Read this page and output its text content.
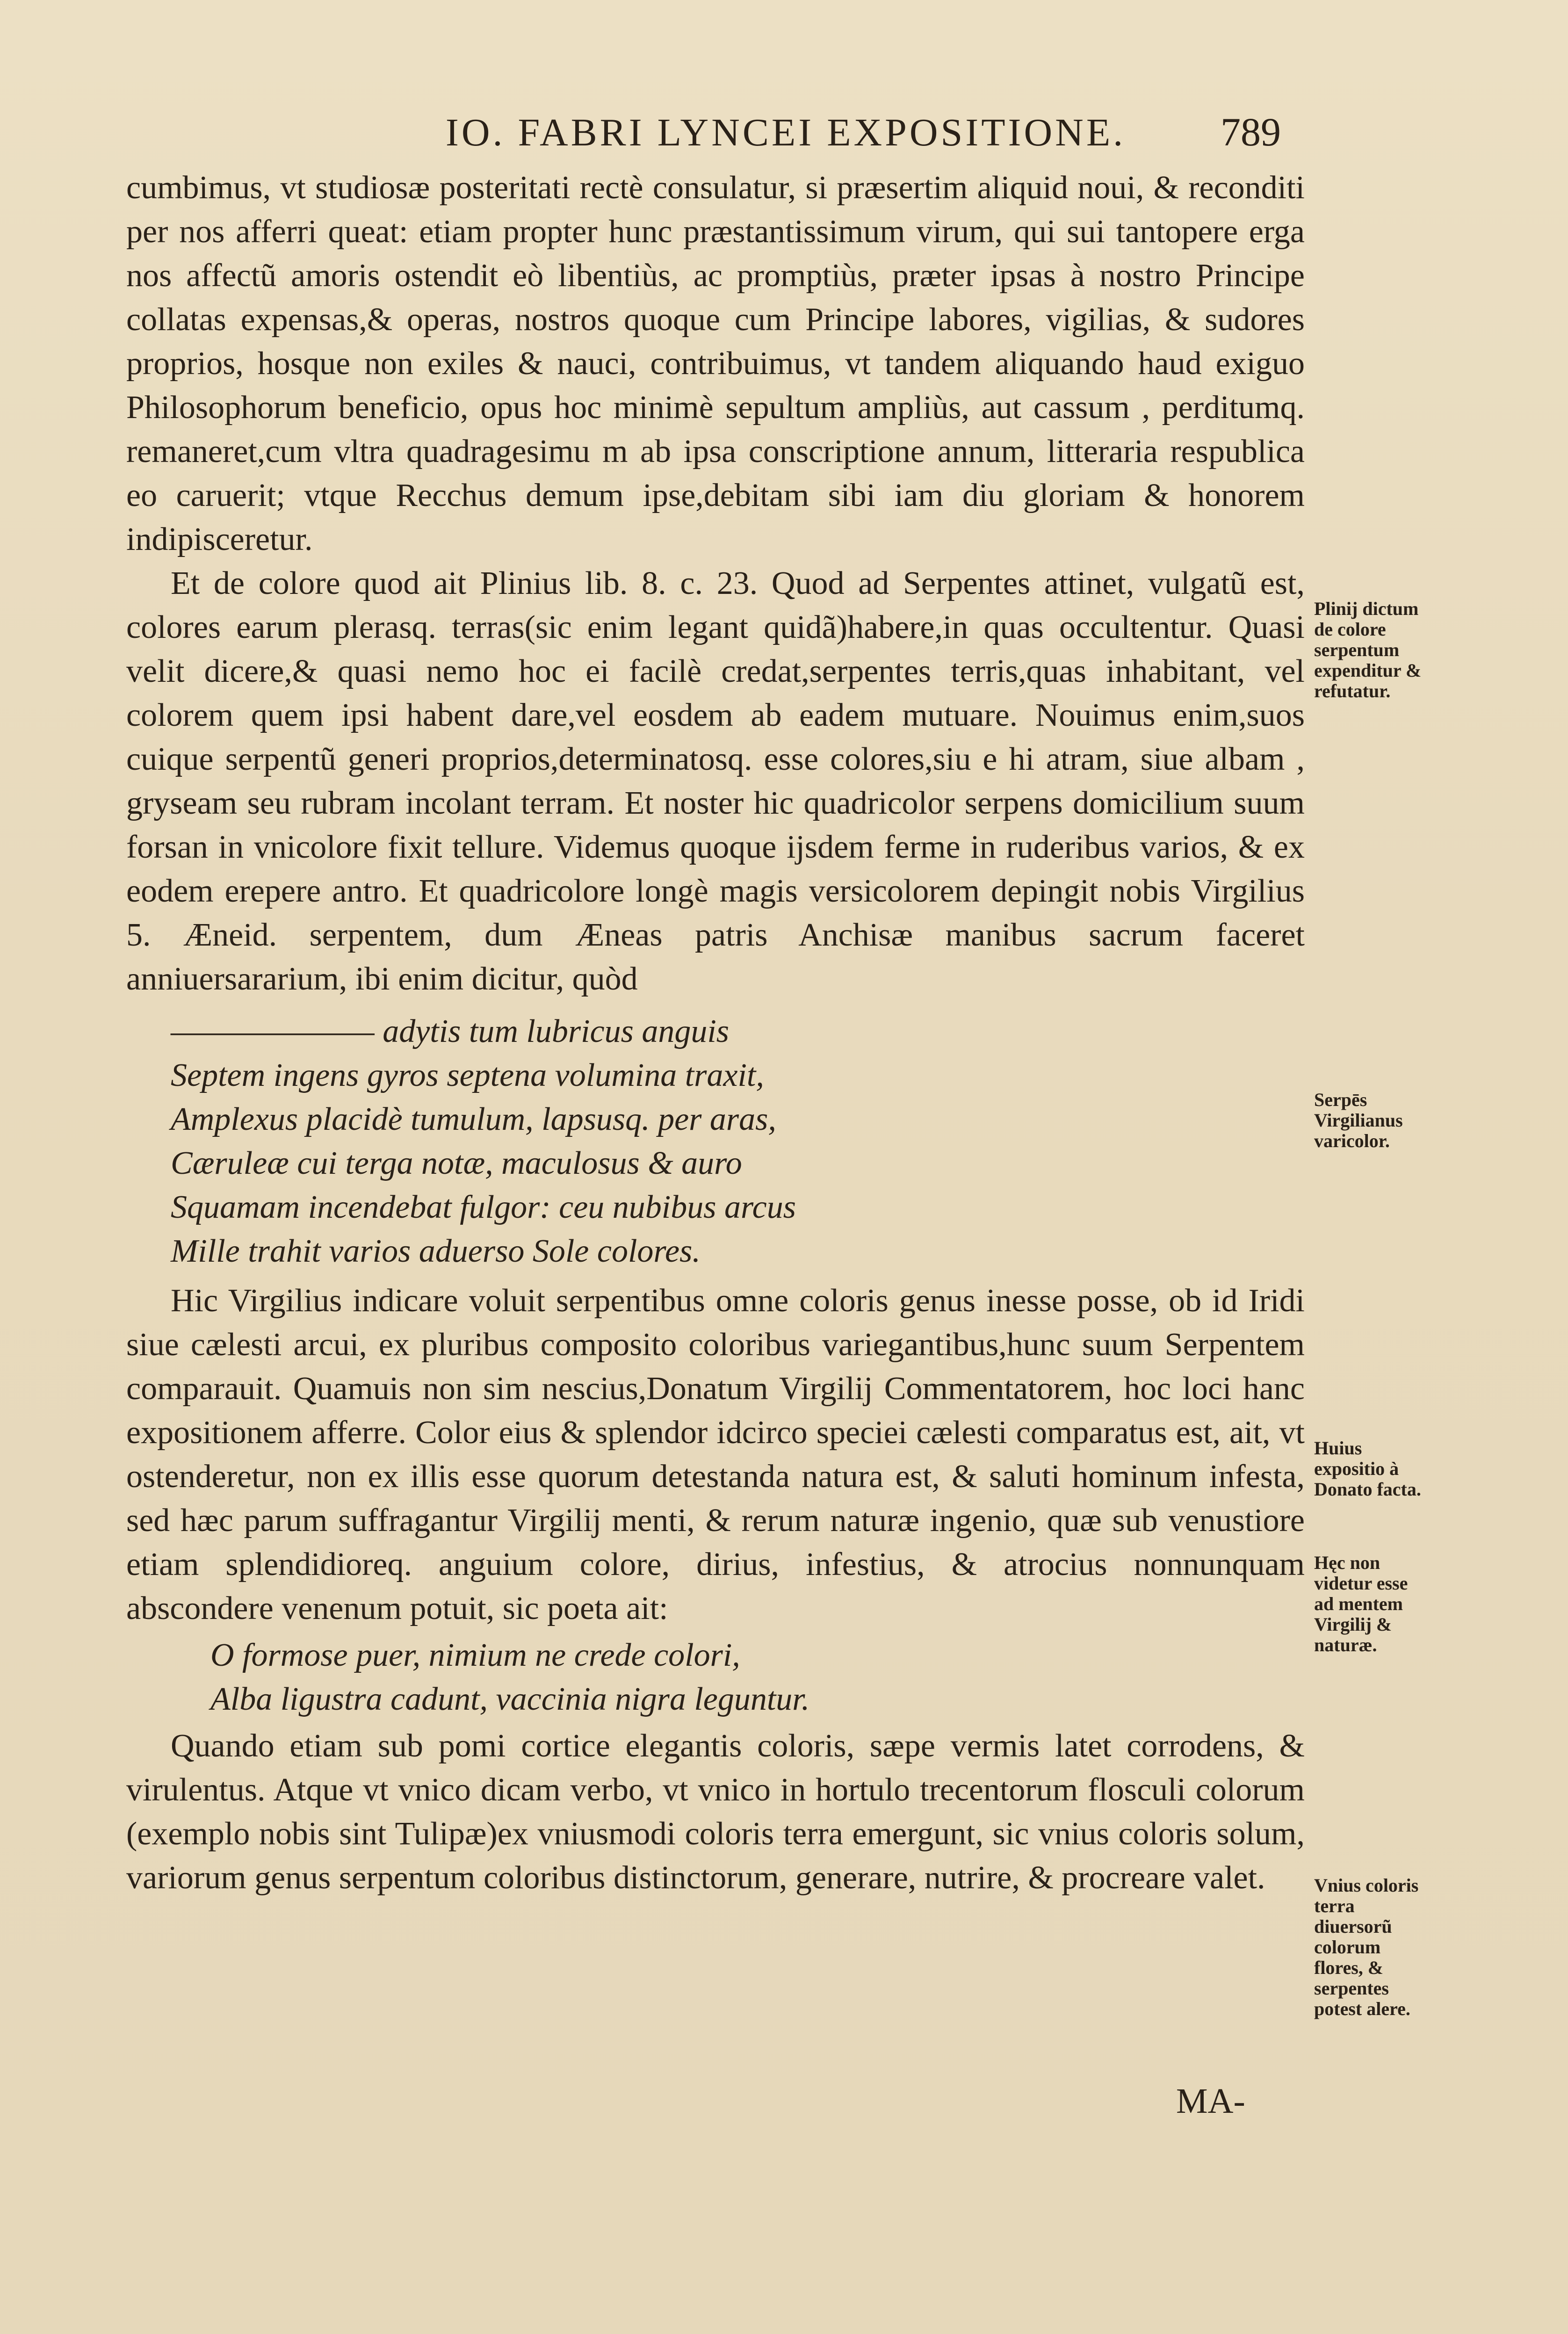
IO. FABRI LYNCEI EXPOSITIONE.	789

cumbimus, vt studiosæ posteritati rectè consulatur, si præsertim aliquid noui, & reconditi per nos afferri queat: etiam propter hunc præstantissimum virum, qui sui tantopere erga nos affectũ amoris ostendit eò libentiùs, ac promptiùs, præter ipsas à nostro Principe collatas expensas,& operas, nostros quoque cum Principe labores, vigilias, & sudores proprios, hosque non exiles & nauci, contribuimus, vt tandem aliquando haud exiguo Philosophorum beneficio, opus hoc minimè sepultum ampliùs, aut cassum , perditumq. remaneret,cum vltra quadragesimu m ab ipsa conscriptione annum, litteraria respublica eo caruerit; vtque Recchus demum ipse,debitam sibi iam diu gloriam & honorem indipisceretur.

Et de colore quod ait Plinius lib. 8. c. 23. Quod ad Serpentes attinet, vulgatũ est, colores earum plerasq. terras(sic enim legant quidã)habere,in quas occultentur. Quasi velit dicere,& quasi nemo hoc ei facilè credat,serpentes terris,quas inhabitant, vel colorem quem ipsi habent dare,vel eosdem ab eadem mutuare. Nouimus enim,suos cuique serpentũ generi proprios,determinatosq. esse colores,siu e hi atram, siue albam , gryseam seu rubram incolant terram. Et noster hic quadricolor serpens domicilium suum forsan in vnicolore fixit tellure. Videmus quoque ijsdem ferme in ruderibus varios, & ex eodem erepere antro. Et quadricolore longè magis versicolorem depingit nobis Virgilius 5. Æneid. serpentem, dum Æneas patris Anchisæ manibus sacrum faceret anniuersararium, ibi enim dicitur, quòd

——————— adytis tum lubricus anguis
Septem ingens gyros septena volumina traxit,
Amplexus placidè tumulum, lapsusq. per aras,
Cæruleæ cui terga notæ, maculosus & auro
Squamam incendebat fulgor: ceu nubibus arcus
Mille trahit varios aduerso Sole colores.

Hic Virgilius indicare voluit serpentibus omne coloris genus inesse posse, ob id Iridi siue cælesti arcui, ex pluribus composito coloribus variegantibus,hunc suum Serpentem comparauit. Quamuis non sim nescius,Donatum Virgilij Commentatorem, hoc loci hanc expositionem afferre. Color eius & splendor idcirco speciei cælesti comparatus est, ait, vt ostenderetur, non ex illis esse quorum detestanda natura est, & saluti hominum infesta, sed hæc parum suffragantur Virgilij menti, & rerum naturæ ingenio, quæ sub venustiore etiam splendidioreq. anguium colore, dirius, infestius, & atrocius nonnunquam abscondere venenum potuit, sic poeta ait:

O formose puer, nimium ne crede colori,
Alba ligustra cadunt, vaccinia nigra leguntur.

Quando etiam sub pomi cortice elegantis coloris, sæpe vermis latet corrodens, & virulentus. Atque vt vnico dicam verbo, vt vnico in hortulo trecentorum flosculi colorum (exemplo nobis sint Tulipæ)ex vniusmodi coloris terra emergunt, sic vnius coloris solum, variorum genus serpentum coloribus distinctorum, generare, nutrire, & procreare valet.

Plinij dictum de colore serpentum expenditur & refutatur.
Serpēs Virgilianus varicolor.
Huius expositio à Donato facta.
Hęc non videtur esse ad mentem Virgilij & naturæ.
Vnius coloris terra diuersorũ colorum flores, & serpentes potest alere.
MA-
